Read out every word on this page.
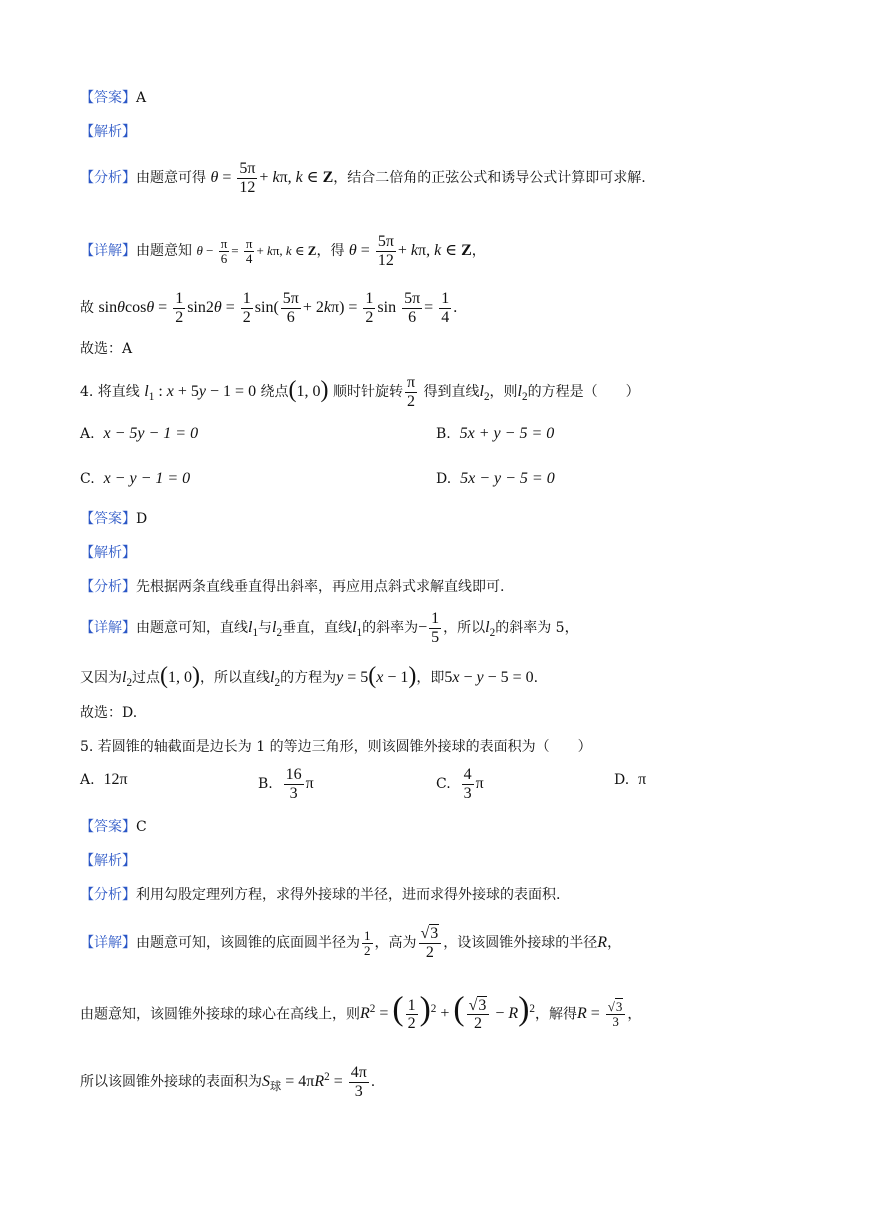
【答案】A
【解析】
【分析】由题意可得 $\theta = \frac{5\pi}{12} + k\pi$, k ∈ Z，结合二倍角的正弦公式和诱导公式计算即可求解.
【详解】由题意知 $\theta - \frac{\pi}{6} = \frac{\pi}{4} + k\pi$, k ∈ Z，得 $\theta = \frac{5\pi}{12} + k\pi$, k ∈ Z，
故 $\sin\theta\cos\theta = \frac{1}{2} \sin 2\theta = \frac{1}{2} \sin( \frac{5\pi}{6} + 2k\pi) = \frac{1}{2}$ $\sin \frac{5\pi}{6} = \frac{1}{4}$ .
故选：A
4. 将直线 $l_1$ : x + 5y − 1 = 0 绕点(1, 0) 顺时针旋转 $\frac{\pi}{2}$ 得到直线$l_2$，则$l_2$的方程是（　　）
A. x − 5y − 1 = 0	B. 5x + y − 5 = 0
C. x − y − 1 = 0	D. 5x − y − 5 = 0
【答案】D
【解析】
【分析】先根据两条直线垂直得出斜率，再应用点斜式求解直线即可.
【详解】由题意可知，直线$l_1$与$l_2$垂直，直线$l_1$的斜率为− $\frac{1}{5}$ ，所以$l_2$的斜率为 5，
又因为$l_2$过点(1, 0)，所以直线$l_2$的方程为y = 5(x − 1)，即5x − y − 5 = 0.
故选：D.
5. 若圆锥的轴截面是边长为 1 的等边三角形，则该圆锥外接球的表面积为（　　）
A. 12π	B. $\frac{16}{3}$ π	C. $\frac{4}{3}$ π	D. π
【答案】C
【解析】
【分析】利用勾股定理列方程，求得外接球的半径，进而求得外接球的表面积.
【详解】由题意可知，该圆锥的底面圆半径为 $\frac{1}{2}$ ，高为 $\frac{√3}{2}$ ，设该圆锥外接球的半径R，
由题意知，该圆锥外接球的球心在高线上，则$R^2$ = ( $\frac{1}{2} )^2$ + ( $\frac{√3}{2} - R)^2$，解得$R = \frac{√3}{3}$ ，
所以该圆锥外接球的表面积为$S_球 = 4\pi R^2 = \frac{4\pi}{3}$ .
